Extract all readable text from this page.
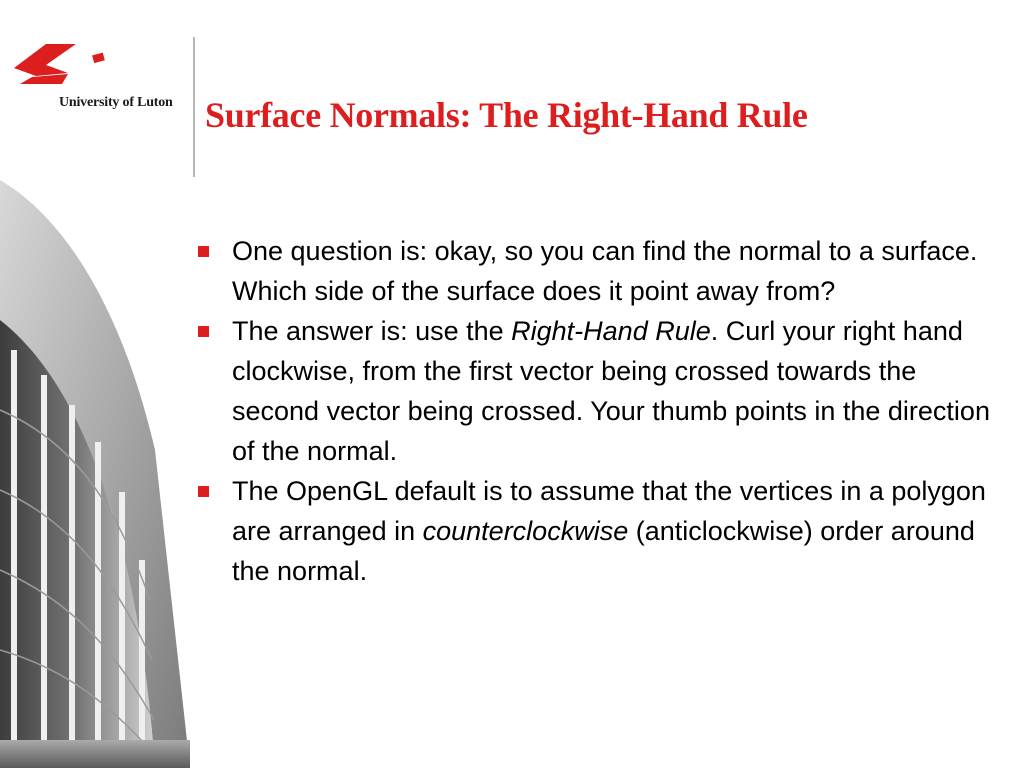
University of Luton Surface Normals: The Right-Hand Rule
One question is: okay, so you can find the normal to a surface. Which side of the surface does it point away from?
The answer is: use the Right-Hand Rule. Curl your right hand clockwise, from the first vector being crossed towards the second vector being crossed. Your thumb points in the direction of the normal.
The OpenGL default is to assume that the vertices in a polygon are arranged in counterclockwise (anticlockwise) order around the normal.
